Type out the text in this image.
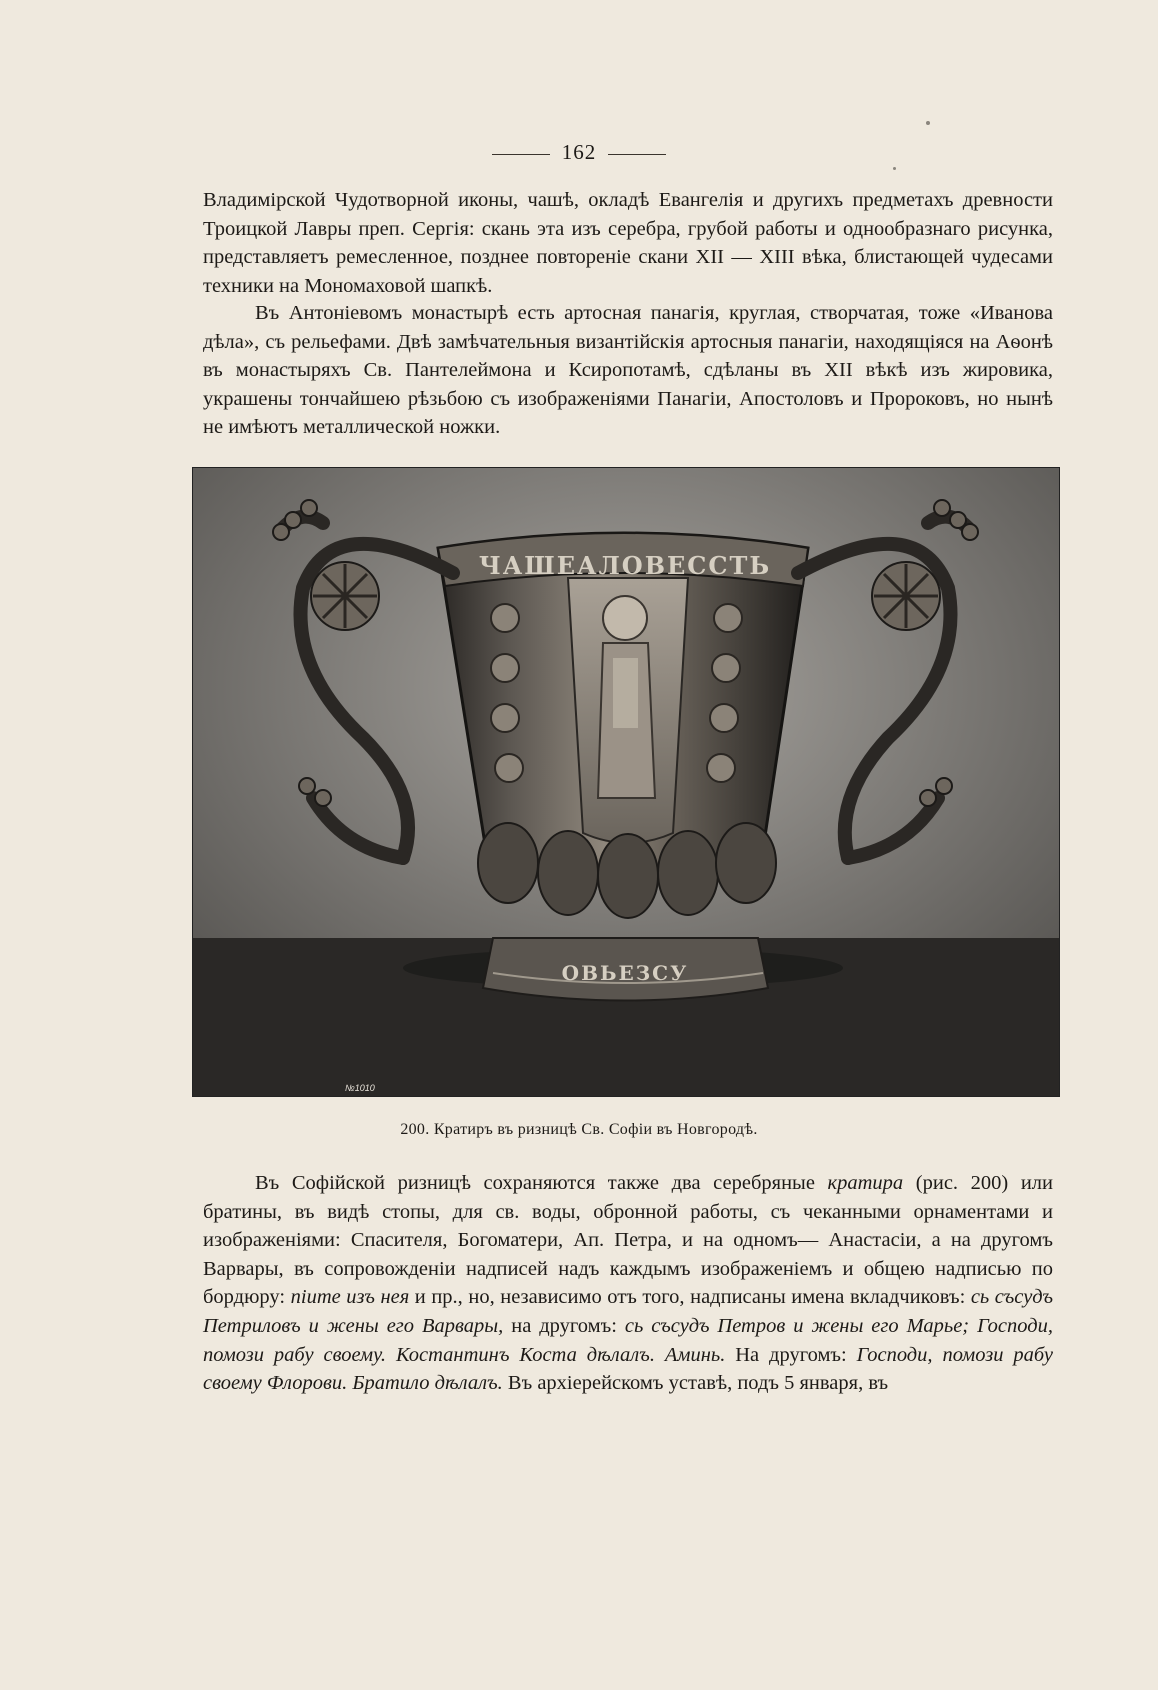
162

Владимірской Чудотворной иконы, чашѣ, окладѣ Евангелія и другихъ предметахъ древности Троицкой Лавры преп. Сергія: скань эта изъ серебра, грубой работы и однообразнаго рисунка, представляетъ ремесленное, позднее повтореніе скани XII — XIII вѣка, блистающей чудесами техники на Мономаховой шапкѣ.

Въ Антоніевомъ монастырѣ есть артосная панагія, круглая, створчатая, тоже «Иванова дѣла», съ рельефами. Двѣ замѣчательныя византійскія артосныя панагіи, находящіяся на Аѳонѣ въ монастыряхъ Св. Пантелеймона и Ксиропотамѣ, сдѣланы въ XII вѣкѣ изъ жировика, украшены тончайшею рѣзьбою съ изображеніями Панагіи, Апостоловъ и Пророковъ, но нынѣ не имѣютъ металлической ножки.

ЧАШЕАЛОВЕССТЬ
ОВЬЕЗСУ
№1010
200. Кратиръ въ ризницѣ Св. Софіи въ Новгородѣ.

Въ Софійской ризницѣ сохраняются также два серебряные кратира (рис. 200) или братины, въ видѣ стопы, для св. воды, обронной работы, съ чеканными орнаментами и изображеніями: Спасителя, Богоматери, Ап. Петра, и на одномъ— Анастасіи, а на другомъ Варвары, въ сопровожденіи надписей надъ каждымъ изображеніемъ и общею надписью по бордюру: піите изъ нея и пр., но, независимо отъ того, надписаны имена вкладчиковъ: сь съсудъ Петриловъ и жены его Варвары, на другомъ: сь съсудъ Петров и жены его Марье; Господи, помози рабу своему. Костантинъ Коста дѣлалъ. Аминь. На другомъ: Господи, помози рабу своему Флорови. Братило дѣлалъ. Въ архіерейскомъ уставѣ, подъ 5 января, въ
